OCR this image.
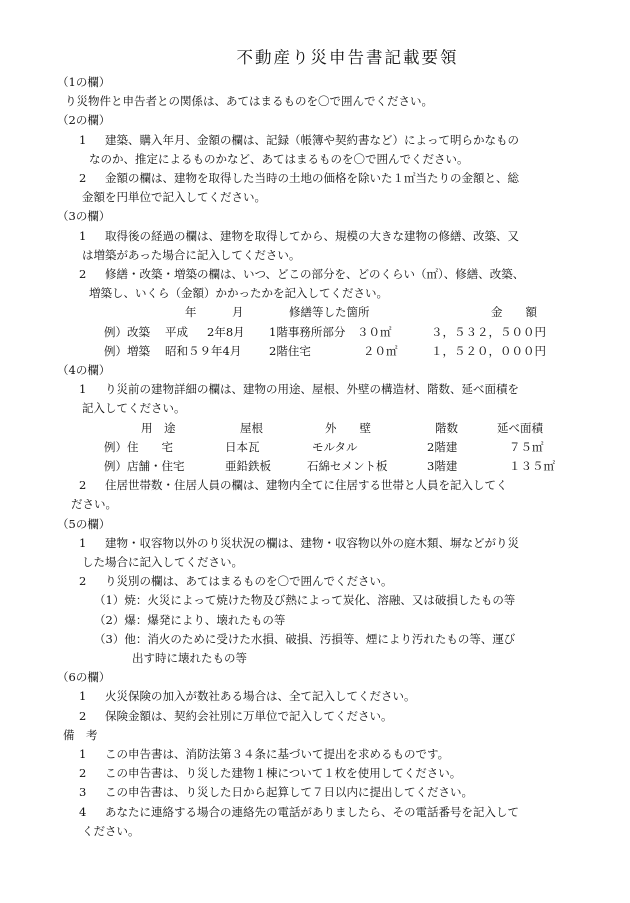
不動産り災申告書記載要領
（1の欄）
り災物件と申告者との関係は、あてはまるものを〇で囲んでください。
（2の欄）
1 建築、購入年月、金額の欄は、記録（帳簿や契約書など）によって明らかなもの
なのか、推定によるものかなど、あてはまるものを〇で囲んでください。
2 金額の欄は、建物を取得した当時の土地の価格を除いた１㎡当たりの金額と、総
金額を円単位で記入してください。
（3の欄）
1 取得後の経過の欄は、建物を取得してから、規模の大きな建物の修繕、改築、又
は増築があった場合に記入してください。
2 修繕・改築・増築の欄は、いつ、どこの部分を、どのくらい（㎡）、修繕、改築、
増築し、いくら（金額）かかったかを記入してください。
年	月	修繕等した箇所	金　　額
例）改築 平成 2年8月 1階事務所部分 ３０㎡	３，５３２，５００円
例）増築 昭和５９年4月 2階住宅	２０㎡	１，５２０，０００円
（4の欄）
1 り災前の建物詳細の欄は、建物の用途、屋根、外壁の構造材、階数、延べ面積を
記入してください。
用　途	屋根	外　　壁	階数	延べ面積
例）住　　宅	日本瓦	モルタル	2階建	７５㎡
例）店舗・住宅	亜鉛鉄板	石綿セメント板	3階建	１３５㎡
2 住居世帯数・住居人員の欄は、建物内全てに住居する世帯と人員を記入してく
ださい。
（5の欄）
1 建物・収容物以外のり災状況の欄は、建物・収容物以外の庭木類、塀などがり災
した場合に記入してください。
2 り災別の欄は、あてはまるものを〇で囲んでください。
（1）焼：火災によって焼けた物及び熱によって炭化、溶融、又は破損したもの等
（2）爆：爆発により、壊れたもの等
（3）他：消火のために受けた水損、破損、汚損等、煙により汚れたもの等、運び
出す時に壊れたもの等
（6の欄）
1 火災保険の加入が数社ある場合は、全て記入してください。
2 保険金額は、契約会社別に万単位で記入してください。
備　考
1 この申告書は、消防法第３４条に基づいて提出を求めるものです。
2 この申告書は、り災した建物１棟について１枚を使用してください。
3 この申告書は、り災した日から起算して７日以内に提出してください。
4 あなたに連絡する場合の連絡先の電話がありましたら、その電話番号を記入して
ください。
